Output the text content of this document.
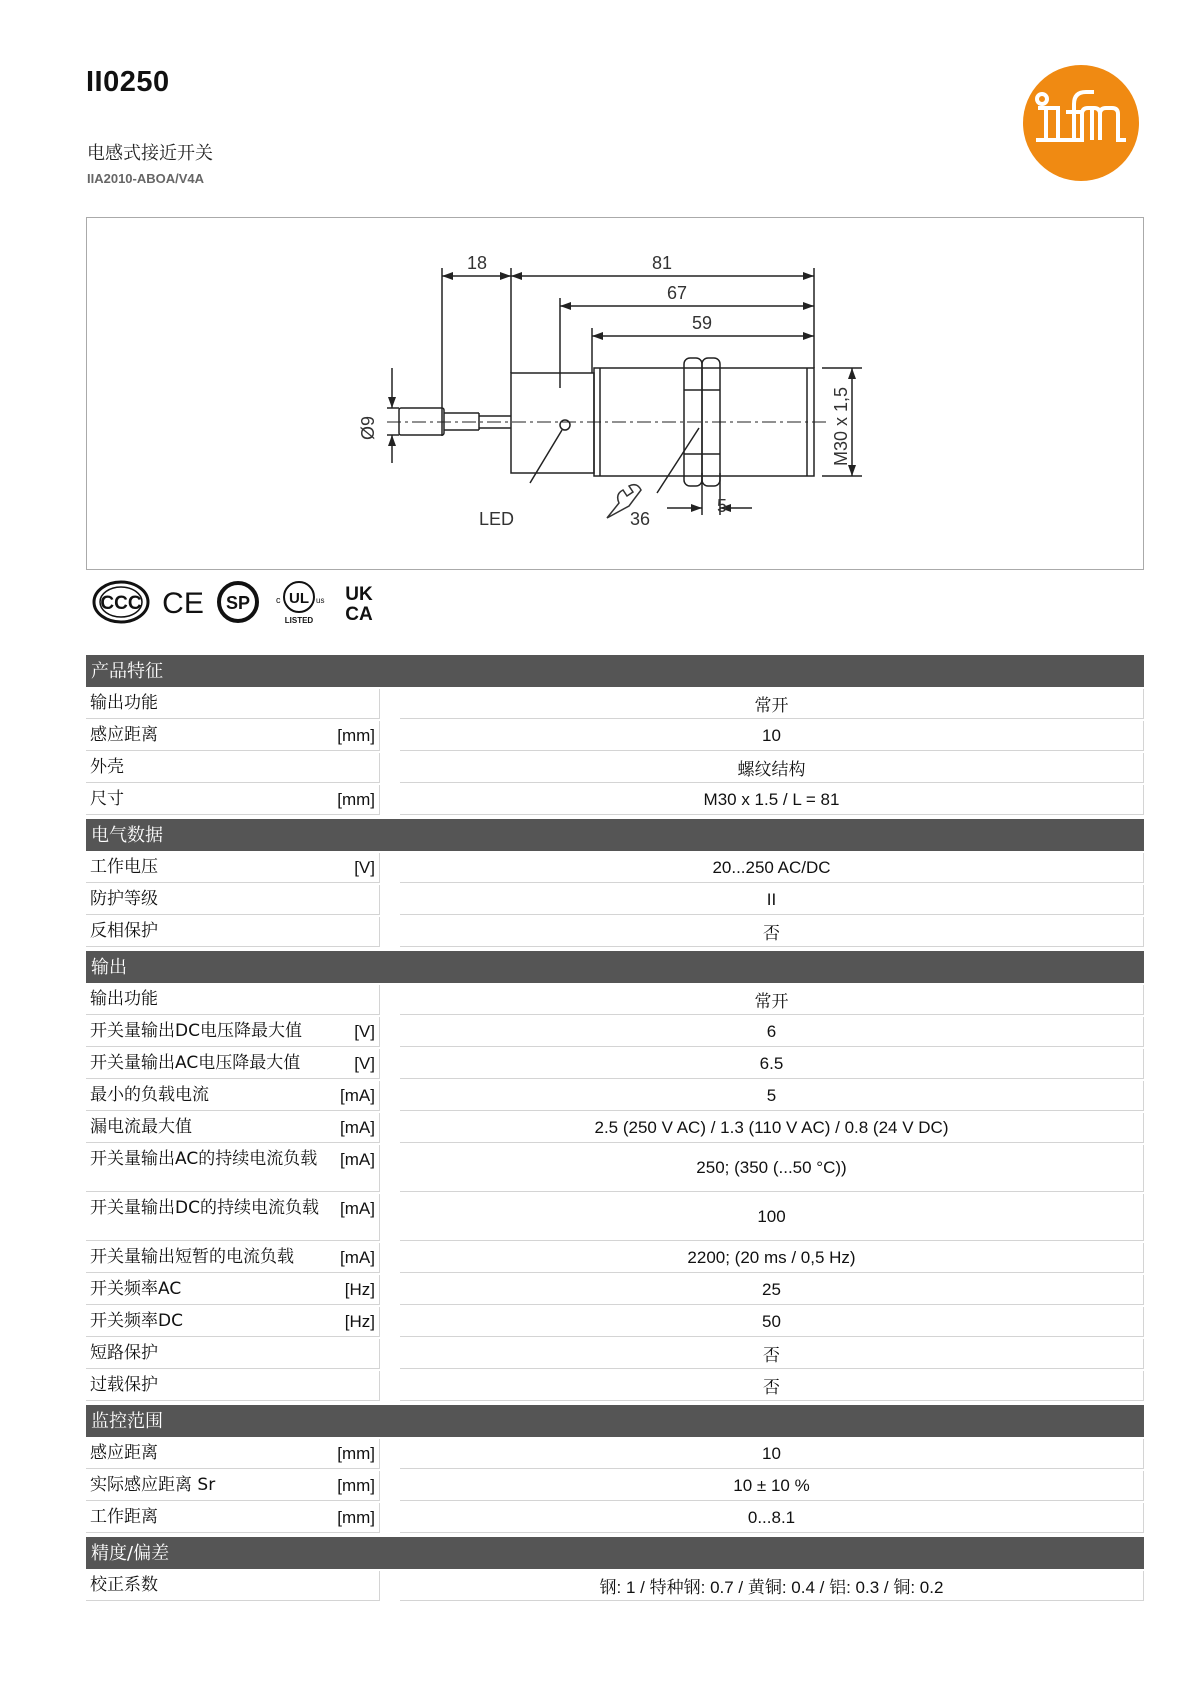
II0250
电感式接近开关
IIA2010-ABOA/V4A
18	81
67
59
5
36
LED
Ø9	M30 x 1,5
CCC CE SP	UL
c	us
LISTED
UK
CA
产品特征
输出功能	常开
感应距离	[mm]	10
外壳	螺纹结构
尺寸	[mm]	M30 x 1.5 / L = 81
电气数据
工作电压	[V]	20...250 AC/DC
防护等级	II
反相保护	否
输出
输出功能	常开
开关量输出DC电压降最大值	[V]	6
开关量输出AC电压降最大值	[V]	6.5
最小的负载电流	[mA]	5
漏电流最大值	[mA]	2.5 (250 V AC) / 1.3 (110 V AC) / 0.8 (24 V DC)
开关量输出AC的持续电流负载	[mA]	250; (350 (...50 °C))
开关量输出DC的持续电流负载	[mA]	100
开关量输出短暂的电流负载	[mA]	2200; (20 ms / 0,5 Hz)
开关频率AC	[Hz]	25
开关频率DC	[Hz]	50
短路保护	否
过载保护	否
监控范围
感应距离	[mm]	10
实际感应距离 Sr	[mm]	10 ± 10 %
工作距离	[mm]	0...8.1
精度/偏差
校正系数	钢: 1 / 特种钢: 0.7 / 黄铜: 0.4 / 铝: 0.3 / 铜: 0.2
